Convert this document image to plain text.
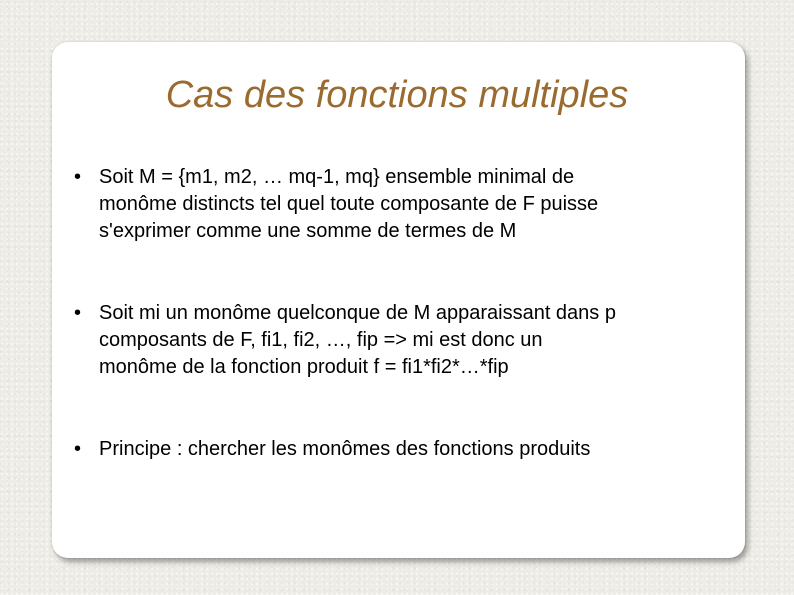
Cas des fonctions multiples
• Soit M = {m1, m2, … mq-1, mq} ensemble minimal de
monôme distincts tel quel toute composante de F puisse
s'exprimer comme une somme de termes de M
• Soit mi un monôme quelconque de M apparaissant dans p
composants de F, fi1, fi2, …, fip => mi est donc un
monôme de la fonction produit f = fi1*fi2*…*fip
• Principe : chercher les monômes des fonctions produits
